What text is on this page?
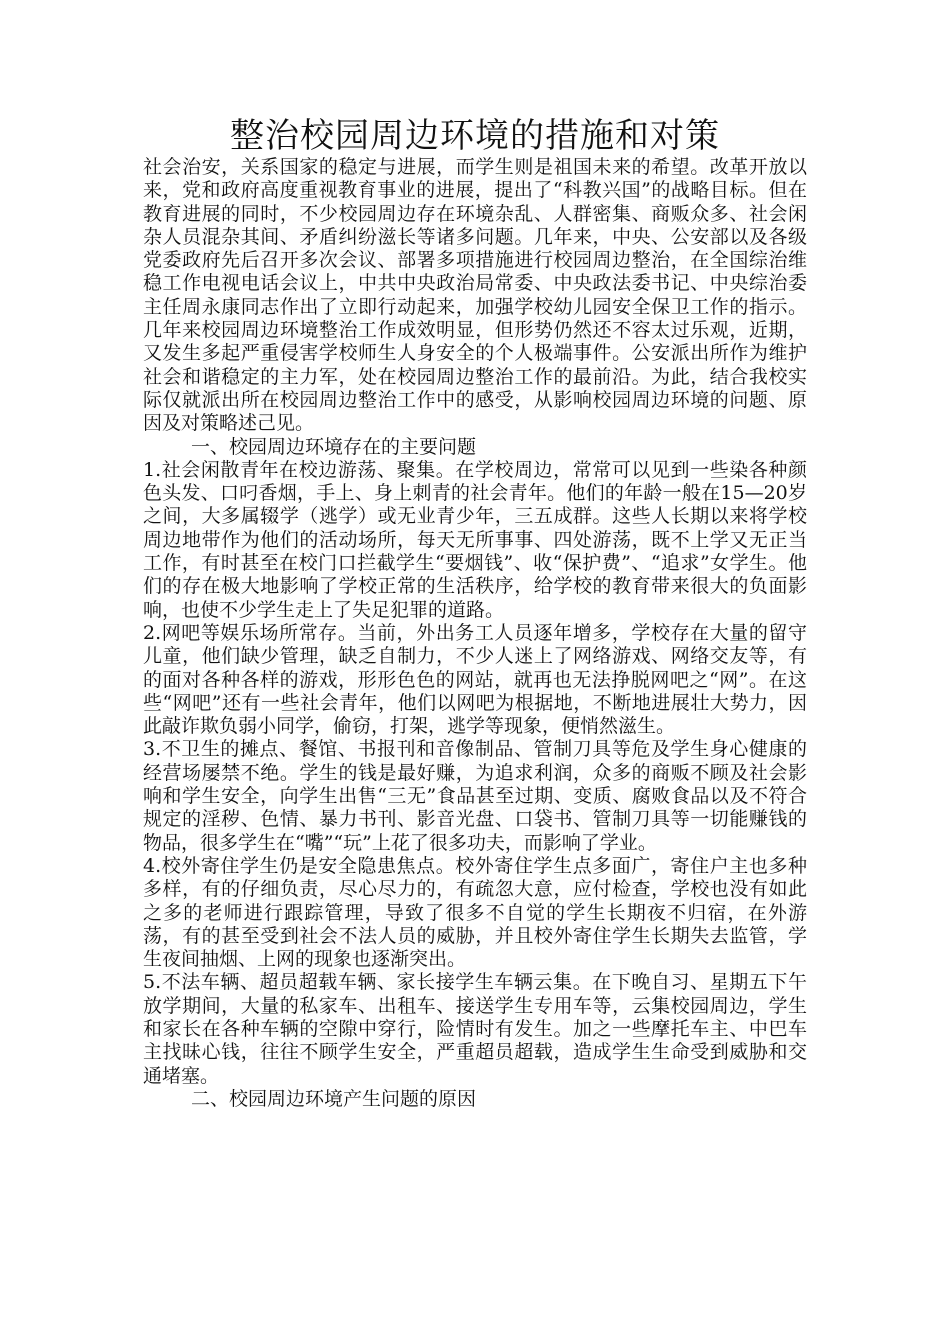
整治校园周边环境的措施和对策

社会治安，关系国家的稳定与进展，而学生则是祖国未来的希望。改革开放以来，党和政府高度重视教育事业的进展，提出了“科教兴国”的战略目标。但在教育进展的同时，不少校园周边存在环境杂乱、人群密集、商贩众多、社会闲杂人员混杂其间、矛盾纠纷滋长等诸多问题。几年来，中央、公安部以及各级党委政府先后召开多次会议、部署多项措施进行校园周边整治，在全国综治维稳工作电视电话会议上，中共中央政治局常委、中央政法委书记、中央综治委主任周永康同志作出了立即行动起来，加强学校幼儿园安全保卫工作的指示。几年来校园周边环境整治工作成效明显，但形势仍然还不容太过乐观，近期，又发生多起严重侵害学校师生人身安全的个人极端事件。公安派出所作为维护社会和谐稳定的主力军，处在校园周边整治工作的最前沿。为此，结合我校实际仅就派出所在校园周边整治工作中的感受，从影响校园周边环境的问题、原因及对策略述己见。

一、校园周边环境存在的主要问题

1.社会闲散青年在校边游荡、聚集。在学校周边，常常可以见到一些染各种颜色头发、口叼香烟，手上、身上刺青的社会青年。他们的年龄一般在15—20岁之间，大多属辍学（逃学）或无业青少年，三五成群。这些人长期以来将学校周边地带作为他们的活动场所，每天无所事事、四处游荡，既不上学又无正当工作，有时甚至在校门口拦截学生“要烟钱”、收“保护费”、“追求”女学生。他们的存在极大地影响了学校正常的生活秩序，给学校的教育带来很大的负面影响，也使不少学生走上了失足犯罪的道路。

2.网吧等娱乐场所常存。当前，外出务工人员逐年增多，学校存在大量的留守儿童，他们缺少管理，缺乏自制力，不少人迷上了网络游戏、网络交友等，有的面对各种各样的游戏，形形色色的网站，就再也无法挣脱网吧之“网”。在这些“网吧”还有一些社会青年，他们以网吧为根据地，不断地进展壮大势力，因此敲诈欺负弱小同学，偷窃，打架，逃学等现象，便悄然滋生。

3.不卫生的摊点、餐馆、书报刊和音像制品、管制刀具等危及学生身心健康的经营场屡禁不绝。学生的钱是最好赚，为追求利润，众多的商贩不顾及社会影响和学生安全，向学生出售“三无”食品甚至过期、变质、腐败食品以及不符合规定的淫秽、色情、暴力书刊、影音光盘、口袋书、管制刀具等一切能赚钱的物品，很多学生在“嘴”“玩”上花了很多功夫，而影响了学业。

4.校外寄住学生仍是安全隐患焦点。校外寄住学生点多面广，寄住户主也多种多样，有的仔细负责，尽心尽力的，有疏忽大意，应付检查，学校也没有如此之多的老师进行跟踪管理，导致了很多不自觉的学生长期夜不归宿，在外游荡，有的甚至受到社会不法人员的威胁，并且校外寄住学生长期失去监管，学生夜间抽烟、上网的现象也逐渐突出。

5.不法车辆、超员超载车辆、家长接学生车辆云集。在下晚自习、星期五下午放学期间，大量的私家车、出租车、接送学生专用车等，云集校园周边，学生和家长在各种车辆的空隙中穿行，险情时有发生。加之一些摩托车主、中巴车主找昧心钱，往往不顾学生安全，严重超员超载，造成学生生命受到威胁和交通堵塞。

二、校园周边环境产生问题的原因
